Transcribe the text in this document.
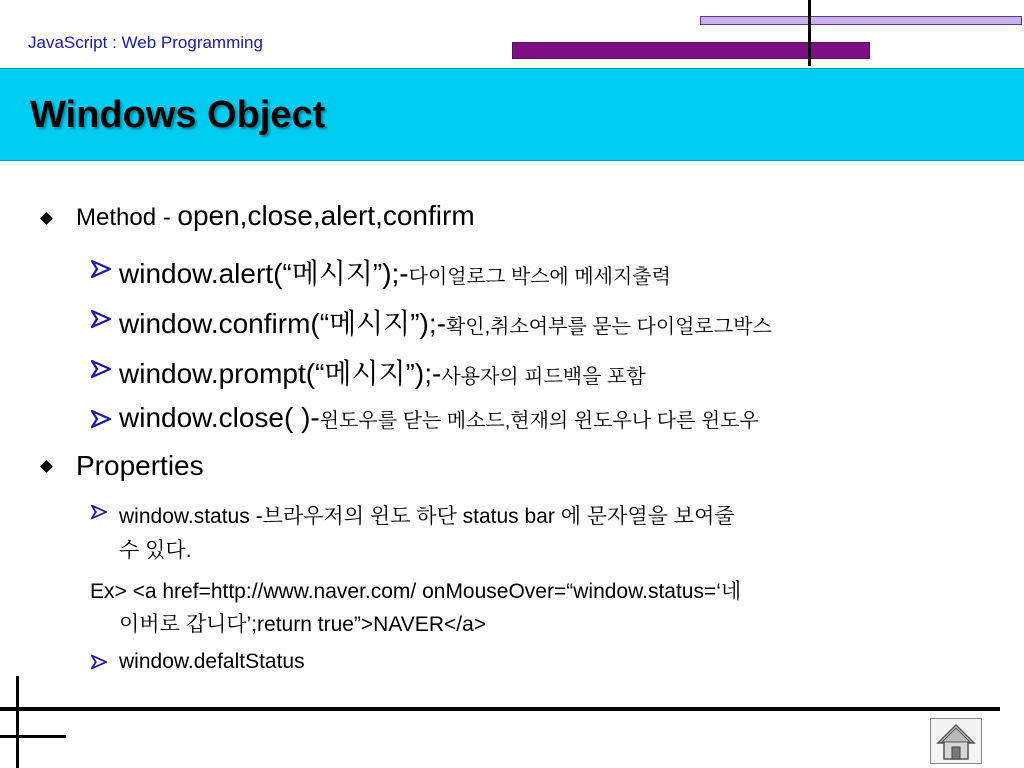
JavaScript : Web Programming
Windows Object
Method - open,close,alert,confirm
window.alert(“메시지”);-다이얼로그 박스에 메세지출력
window.confirm(“메시지”);-확인,취소여부를 묻는 다이얼로그박스
window.prompt(“메시지”);-사용자의 피드백을 포함
window.close( )-윈도우를 닫는 메소드,현재의 윈도우나 다른 윈도우
Properties
window.status -브라우저의 윈도 하단 status bar 에 문자열을 보여줄
수 있다.
Ex> <a href=http://www.naver.com/ onMouseOver=“window.status=‘네
이버로 갑니다’;return true”>NAVER</a>
window.defaltStatus
